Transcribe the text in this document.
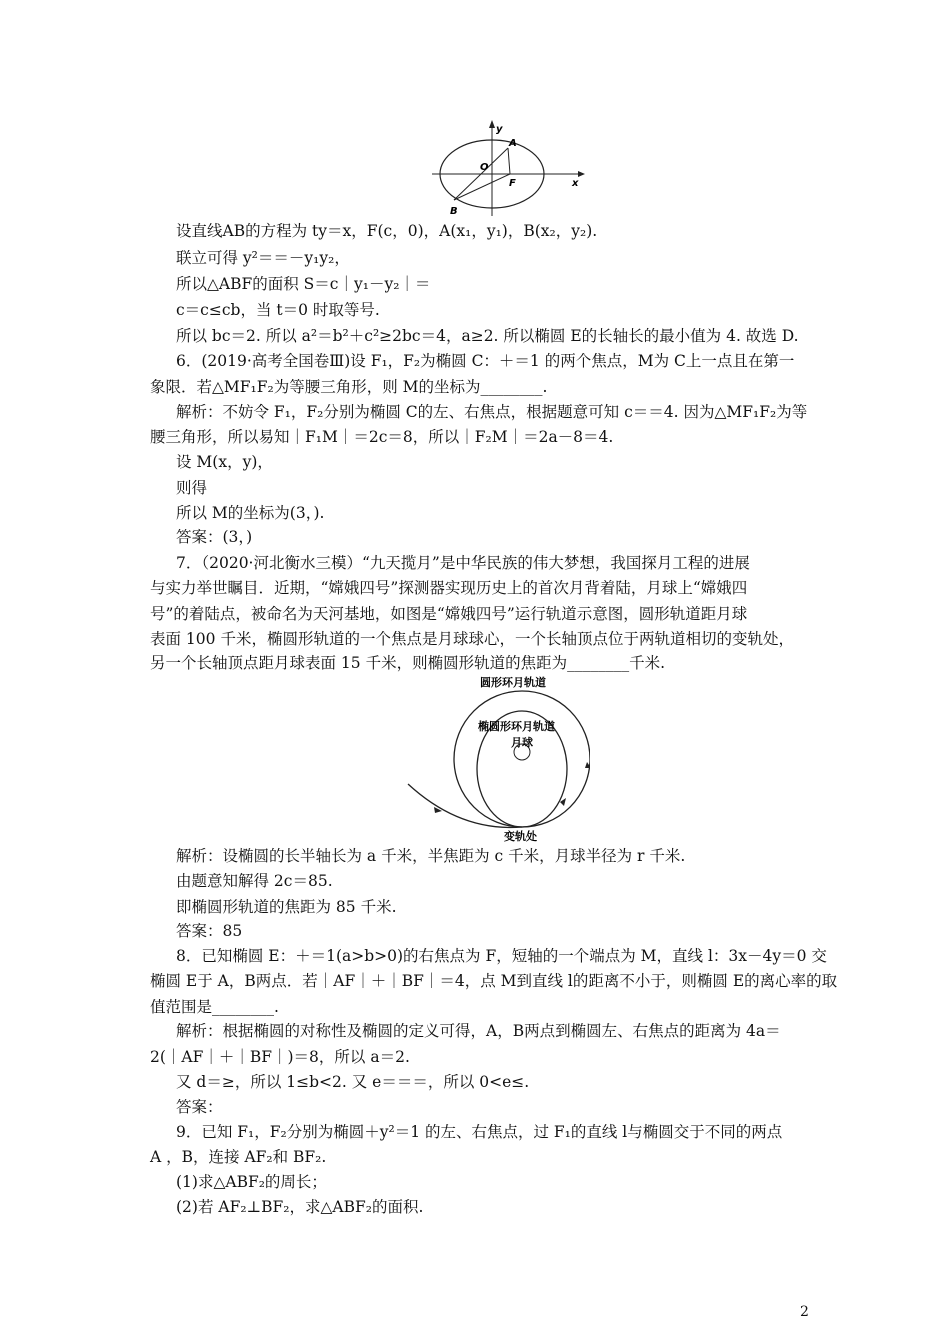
y
A
O
F	x
B
设直线AB的方程为 ty＝x，F(c，0)，A(x₁，y₁)，B(x₂，y₂).
联立可得 y²＝＝－y₁y₂，
所以△ABF的面积 S＝c｜y₁－y₂｜＝
c＝c≤cb，当 t＝0 时取等号.
所以 bc＝2. 所以 a²＝b²＋c²≥2bc＝4，a≥2. 所以椭圆 E的长轴长的最小值为 4. 故选 D.
6．(2019·高考全国卷Ⅲ)设 F₁，F₂为椭圆 C：＋＝1 的两个焦点，M为 C上一点且在第一
象限．若△MF₁F₂为等腰三角形，则 M的坐标为________.
解析：不妨令 F₁，F₂分别为椭圆 C的左、右焦点，根据题意可知 c＝＝4. 因为△MF₁F₂为等
腰三角形，所以易知｜F₁M｜＝2c＝8，所以｜F₂M｜＝2a－8＝4.
设 M(x，y)，
则得
所以 M的坐标为(3，).
答案：(3，)
7．（2020·河北衡水三模）“九天揽月”是中华民族的伟大梦想，我国探月工程的进展
与实力举世瞩目．近期，“嫦娥四号”探测器实现历史上的首次月背着陆，月球上“嫦娥四
号”的着陆点，被命名为天河基地，如图是“嫦娥四号”运行轨道示意图，圆形轨道距月球
表面 100 千米，椭圆形轨道的一个焦点是月球球心，一个长轴顶点位于两轨道相切的变轨处，
另一个长轴顶点距月球表面 15 千米，则椭圆形轨道的焦距为________千米.
圆形环月轨道
椭圆形环月轨道
月球
变轨处
解析：设椭圆的长半轴长为 a 千米，半焦距为 c 千米，月球半径为 r 千米.
由题意知解得 2c＝85.
即椭圆形轨道的焦距为 85 千米.
答案：85
8．已知椭圆 E：＋＝1(a>b>0)的右焦点为 F，短轴的一个端点为 M，直线 l：3x－4y＝0 交
椭圆 E于 A，B两点．若｜AF｜＋｜BF｜＝4，点 M到直线 l的距离不小于，则椭圆 E的离心率的取
值范围是________.
解析：根据椭圆的对称性及椭圆的定义可得，A，B两点到椭圆左、右焦点的距离为 4a＝
2(｜AF｜＋｜BF｜)＝8，所以 a＝2.
又 d＝≥，所以 1≤b<2. 又 e＝＝＝，所以 0<e≤.
答案：
9．已知 F₁，F₂分别为椭圆＋y²＝1 的左、右焦点，过 F₁的直线 l与椭圆交于不同的两点
A ，B，连接 AF₂和 BF₂.
(1)求△ABF₂的周长；
(2)若 AF₂⊥BF₂，求△ABF₂的面积.
2
